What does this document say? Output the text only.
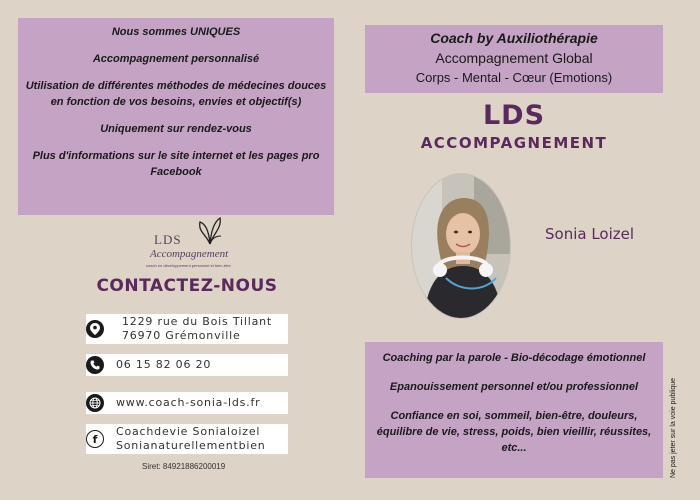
Nous sommes UNIQUES

Accompagnement personnalisé

Utilisation de différentes méthodes de médecines douces en fonction de vos besoins, envies et objectif(s)

Uniquement sur rendez-vous

Plus d'informations sur le site internet et les pages pro Facebook

LDS
Accompagnement
coach en développement personnel et bien-être
CONTACTEZ-NOUS
1229 rue du Bois Tillant
76970 Grémonville
06 15 82 06 20
www.coach-sonia-lds.fr
f
Coachdevie Sonialoizel
Sonianaturellementbien
Siret: 84921886200019
Coach by Auxiliothérapie
Accompagnement Global
Corps - Mental - Cœur (Emotions)
LDS
ACCOMPAGNEMENT
Sonia Loizel

Coaching par la parole - Bio-décodage émotionnel

Epanouissement personnel et/ou professionnel

Confiance en soi, sommeil, bien-être, douleurs, équilibre de vie, stress, poids, bien vieillir, réussites, etc...	Ne pas jeter sur la voie publique
